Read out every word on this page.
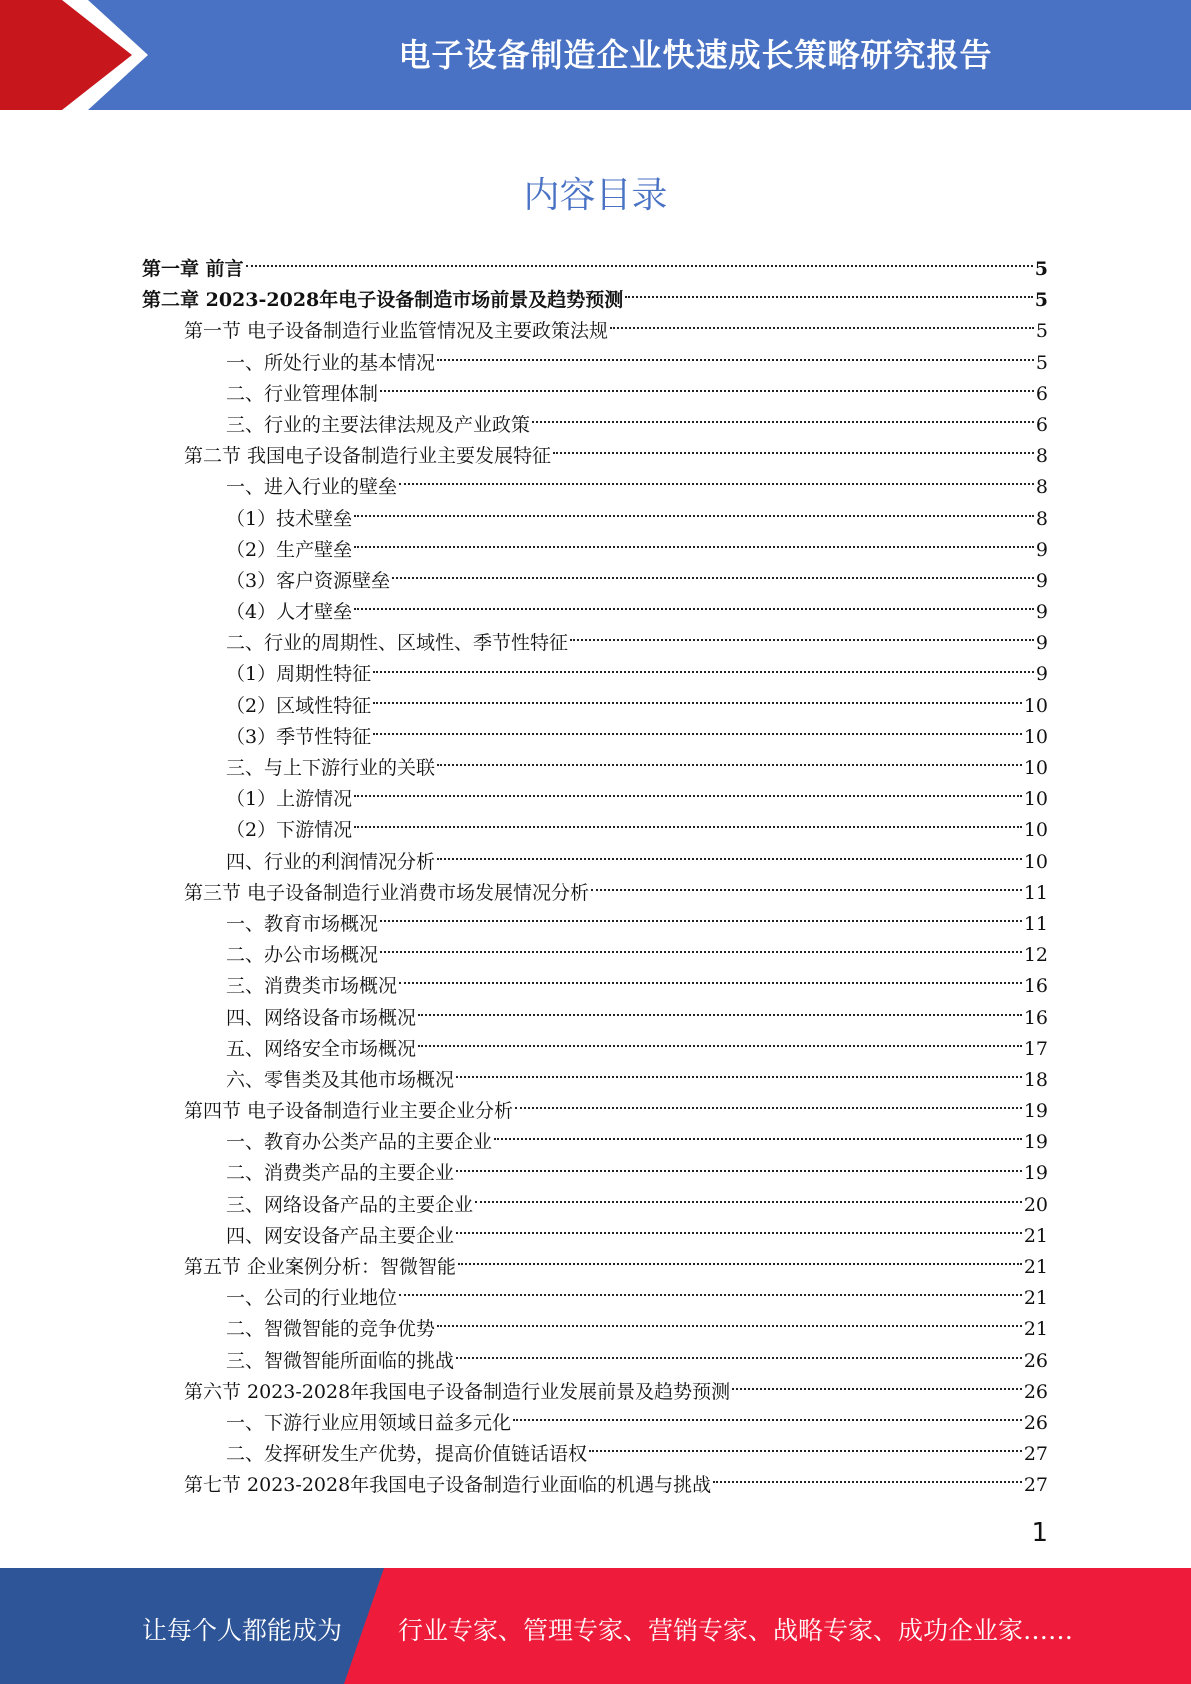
电子设备制造企业快速成长策略研究报告
内容目录
第一章 前言	5
第二章 2023-2028年电子设备制造市场前景及趋势预测	5
第一节 电子设备制造行业监管情况及主要政策法规	5
一、所处行业的基本情况	5
二、行业管理体制	6
三、行业的主要法律法规及产业政策	6
第二节 我国电子设备制造行业主要发展特征	8
一、进入行业的壁垒	8
（1）技术壁垒	8
（2）生产壁垒	9
（3）客户资源壁垒	9
（4）人才壁垒	9
二、行业的周期性、区域性、季节性特征	9
（1）周期性特征	9
（2）区域性特征	10
（3）季节性特征	10
三、与上下游行业的关联	10
（1）上游情况	10
（2）下游情况	10
四、行业的利润情况分析	10
第三节 电子设备制造行业消费市场发展情况分析	11
一、教育市场概况	11
二、办公市场概况	12
三、消费类市场概况	16
四、网络设备市场概况	16
五、网络安全市场概况	17
六、零售类及其他市场概况	18
第四节 电子设备制造行业主要企业分析	19
一、教育办公类产品的主要企业	19
二、消费类产品的主要企业	19
三、网络设备产品的主要企业	20
四、网安设备产品主要企业	21
第五节 企业案例分析：智微智能	21
一、公司的行业地位	21
二、智微智能的竞争优势	21
三、智微智能所面临的挑战	26
第六节 2023-2028年我国电子设备制造行业发展前景及趋势预测	26
一、下游行业应用领域日益多元化	26
二、发挥研发生产优势，提高价值链话语权	27
第七节 2023-2028年我国电子设备制造行业面临的机遇与挑战	27
1
让每个人都能成为 行业专家、管理专家、营销专家、战略专家、成功企业家……
